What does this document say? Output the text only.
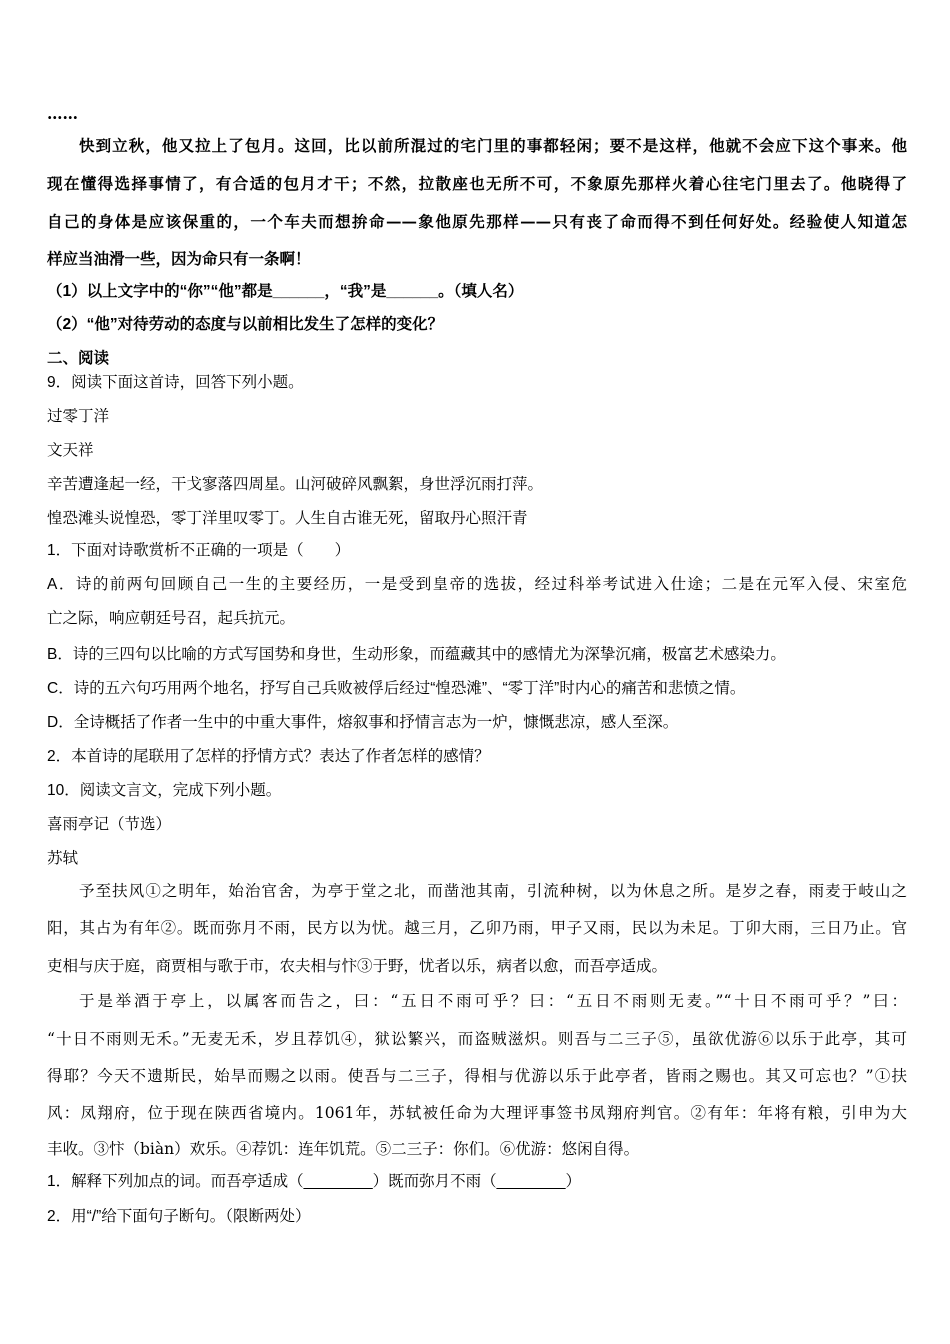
……
快到立秋，他又拉上了包月。这回，比以前所混过的宅门里的事都轻闲；要不是这样，他就不会应下这个事来。他
现在懂得选择事情了，有合适的包月才干；不然，拉散座也无所不可，不象原先那样火着心往宅门里去了。他晓得了
自己的身体是应该保重的，一个车夫而想拚命——象他原先那样——只有丧了命而得不到任何好处。经验使人知道怎
样应当油滑一些，因为命只有一条啊！
（1）以上文字中的“你”“他”都是______，“我”是______。（填人名）
（2）“他”对待劳动的态度与以前相比发生了怎样的变化？
二、阅读
9．阅读下面这首诗，回答下列小题。
过零丁洋
文天祥
辛苦遭逢起一经，干戈寥落四周星。山河破碎风飘絮，身世浮沉雨打萍。
惶恐滩头说惶恐，零丁洋里叹零丁。人生自古谁无死，留取丹心照汗青
1．下面对诗歌赏析不正确的一项是（　　）
A．诗的前两句回顾自己一生的主要经历，一是受到皇帝的选拔，经过科举考试进入仕途；二是在元军入侵、宋室危
亡之际，响应朝廷号召，起兵抗元。
B．诗的三四句以比喻的方式写国势和身世，生动形象，而蕴藏其中的感情尤为深挚沉痛，极富艺术感染力。
C．诗的五六句巧用两个地名，抒写自己兵败被俘后经过“惶恐滩”、“零丁洋”时内心的痛苦和悲愤之情。
D．全诗概括了作者一生中的中重大事件，熔叙事和抒情言志为一炉，慷慨悲凉，感人至深。
2．本首诗的尾联用了怎样的抒情方式？表达了作者怎样的感情？
10．阅读文言文，完成下列小题。
喜雨亭记（节选）
苏轼
予至扶风①之明年，始治官舍，为亭于堂之北，而凿池其南，引流种树，以为休息之所。是岁之春，雨麦于岐山之
阳，其占为有年②。既而弥月不雨，民方以为忧。越三月，乙卯乃雨，甲子又雨，民以为未足。丁卯大雨，三日乃止。官
吏相与庆于庭，商贾相与歌于市，农夫相与忭③于野，忧者以乐，病者以愈，而吾亭适成。
于是举酒于亭上，以属客而告之，曰：“五日不雨可乎？曰：“五日不雨则无麦。”“十日不雨可乎？”曰：
“十日不雨则无禾。”无麦无禾，岁且荐饥④，狱讼繁兴，而盗贼滋炽。则吾与二三子⑤，虽欲优游⑥以乐于此亭，其可
得耶？今天不遗斯民，始旱而赐之以雨。使吾与二三子，得相与优游以乐于此亭者，皆雨之赐也。其又可忘也？”①扶
风：凤翔府，位于现在陕西省境内。1061年，苏轼被任命为大理评事签书凤翔府判官。②有年：年将有粮，引申为大
丰收。③忭（biàn）欢乐。④荐饥：连年饥荒。⑤二三子：你们。⑥优游：悠闲自得。
1．解释下列加点的词。而吾亭适成（________）既而弥月不雨（________）
2．用“/”给下面句子断句。（限断两处）
